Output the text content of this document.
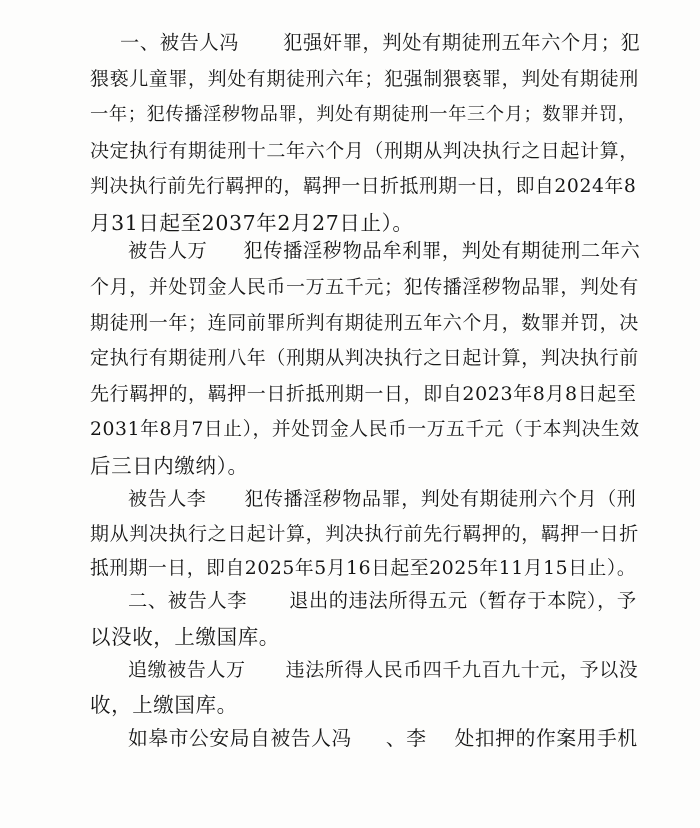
一、被告人冯 犯强奸罪，判处有期徒刑五年六个月；犯
猥亵儿童罪，判处有期徒刑六年；犯强制猥亵罪，判处有期徒刑
一年；犯传播淫秽物品罪，判处有期徒刑一年三个月；数罪并罚，
决定执行有期徒刑十二年六个月（刑期从判决执行之日起计算，
判决执行前先行羁押的，羁押一日折抵刑期一日，即自2024年8
月31日起至2037年2月27日止）。
被告人万 犯传播淫秽物品牟利罪，判处有期徒刑二年六
个月，并处罚金人民币一万五千元；犯传播淫秽物品罪，判处有
期徒刑一年；连同前罪所判有期徒刑五年六个月，数罪并罚，决
定执行有期徒刑八年（刑期从判决执行之日起计算，判决执行前
先行羁押的，羁押一日折抵刑期一日，即自2023年8月8日起至
2031年8月7日止），并处罚金人民币一万五千元（于本判决生效
后三日内缴纳）。
被告人李 犯传播淫秽物品罪，判处有期徒刑六个月（刑
期从判决执行之日起计算，判决执行前先行羁押的，羁押一日折
抵刑期一日，即自2025年5月16日起至2025年11月15日止）。
二、被告人李 退出的违法所得五元（暂存于本院），予
以没收，上缴国库。
追缴被告人万 违法所得人民币四千九百九十元，予以没
收，上缴国库。
如皋市公安局自被告人冯 、李 处扣押的作案用手机
